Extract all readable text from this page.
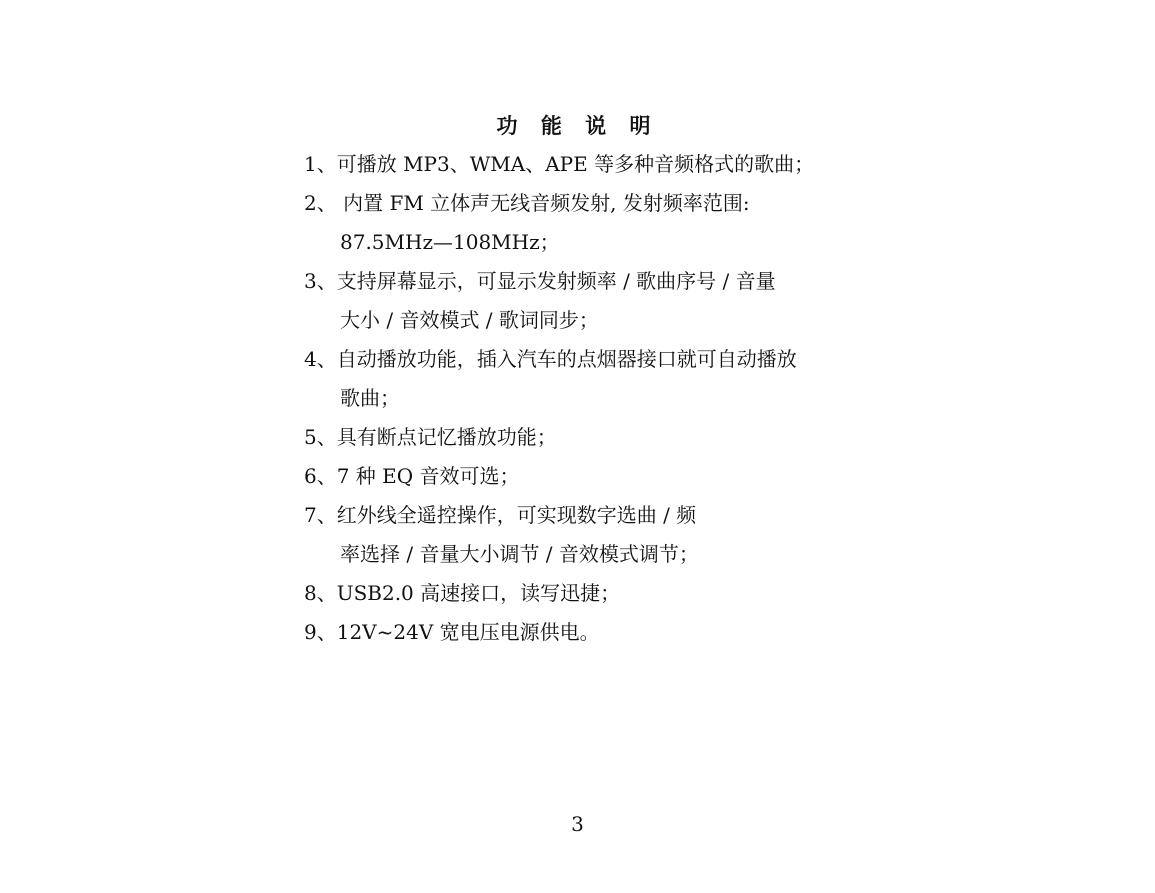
功 能 说 明
1、可播放 MP3、WMA、APE 等多种音频格式的歌曲；
2、 内置 FM 立体声无线音频发射, 发射频率范围:
87.5MHz—108MHz；
3、支持屏幕显示，可显示发射频率 / 歌曲序号 / 音量
大小 / 音效模式 / 歌词同步；
4、自动播放功能，插入汽车的点烟器接口就可自动播放
歌曲；
5、具有断点记忆播放功能；
6、7 种 EQ 音效可选；
7、红外线全遥控操作，可实现数字选曲 / 频
率选择 / 音量大小调节 / 音效模式调节；
8、USB2.0 高速接口，读写迅捷；
9、12V~24V 宽电压电源供电。
3
